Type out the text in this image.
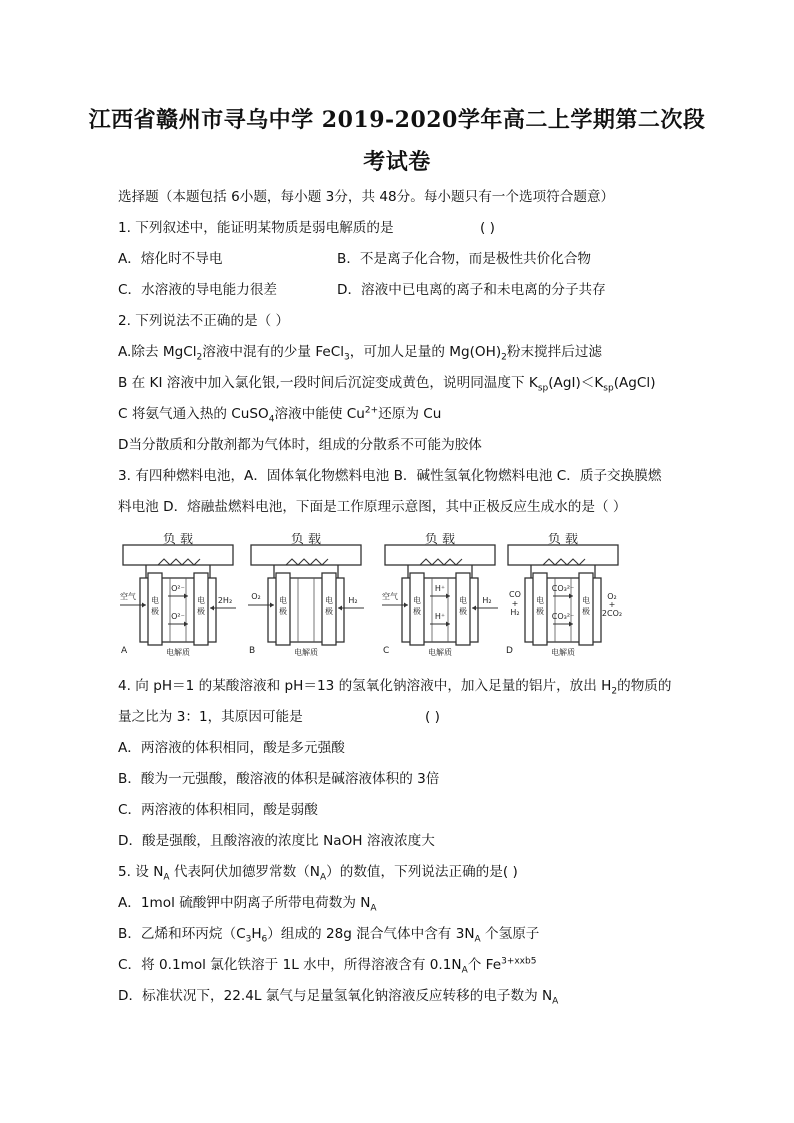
江西省赣州市寻乌中学 2019-2020学年高二上学期第二次段
考试卷
选择题（本题包括 6小题，每小题 3分，共 48分。每小题只有一个选项符合题意）
1. 下列叙述中，能证明某物质是弱电解质的是	( )
A．熔化时不导电	B．不是离子化合物，而是极性共价化合物
C．水溶液的导电能力很差	D．溶液中已电离的离子和未电离的分子共存
2. 下列说法不正确的是（ ）
A.除去 MgCl$_2$溶液中混有的少量 FeCl$_3$，可加人足量的 $Mg(OH)_2$粉末搅拌后过滤
B 在 KI 溶液中加入氯化银,一段时间后沉淀变成黄色，说明同温度下 $K_{sp}(AgI)<K_{sp}(AgCl)$
C 将氨气通入热的 CuSO$_4$溶液中能使 $Cu^{2+}$还原为 Cu
D当分散质和分散剂都为气体时，组成的分散系不可能为胶体
3. 有四种燃料电池，A．固体氧化物燃料电池 B．碱性氢氧化物燃料电池 C．质子交换膜燃
料电池 D．熔融盐燃料电池，下面是工作原理示意图，其中正极反应生成水的是（ ）
负 载
电
极
电
极
空气	2H₂
O²⁻
O²⁻
A	电解质
负 载
电
极
电
极
O₂	H₂
B	电解质
负 载
电
极
电
极
空气	H₂
H⁺
H⁺
C	电解质
负 载
电
极
电
极
CO
+
H₂
O₂
+
2CO₂
CO₃²⁻
CO₃²⁻
D	电解质
4. 向 pH＝1 的某酸溶液和 pH＝13 的氢氧化钠溶液中，加入足量的铝片，放出 $H_2$的物质的
量之比为 3：1，其原因可能是	( )
A．两溶液的体积相同，酸是多元强酸
B．酸为一元强酸，酸溶液的体积是碱溶液体积的 3倍
C．两溶液的体积相同，酸是弱酸
D．酸是强酸，且酸溶液的浓度比 NaOH 溶液浓度大
5. 设 $N_A$ 代表阿伏加德罗常数$(N_A)$的数值，下列说法正确的是( )
A．1mol 硫酸钾中阴离子所带电荷数为 $N_A$
B．乙烯和环丙烷$(C_3H_6)$组成的 28g 混合气体中含有 $3N_A$ 个氢原子
C．将 0.1mol 氯化铁溶于 1L 水中，所得溶液含有 $0.1N_A$个 $Fe^{3+xxb5}$
D．标准状况下，22.4L 氯气与足量氢氧化钠溶液反应转移的电子数为 $N_A$
